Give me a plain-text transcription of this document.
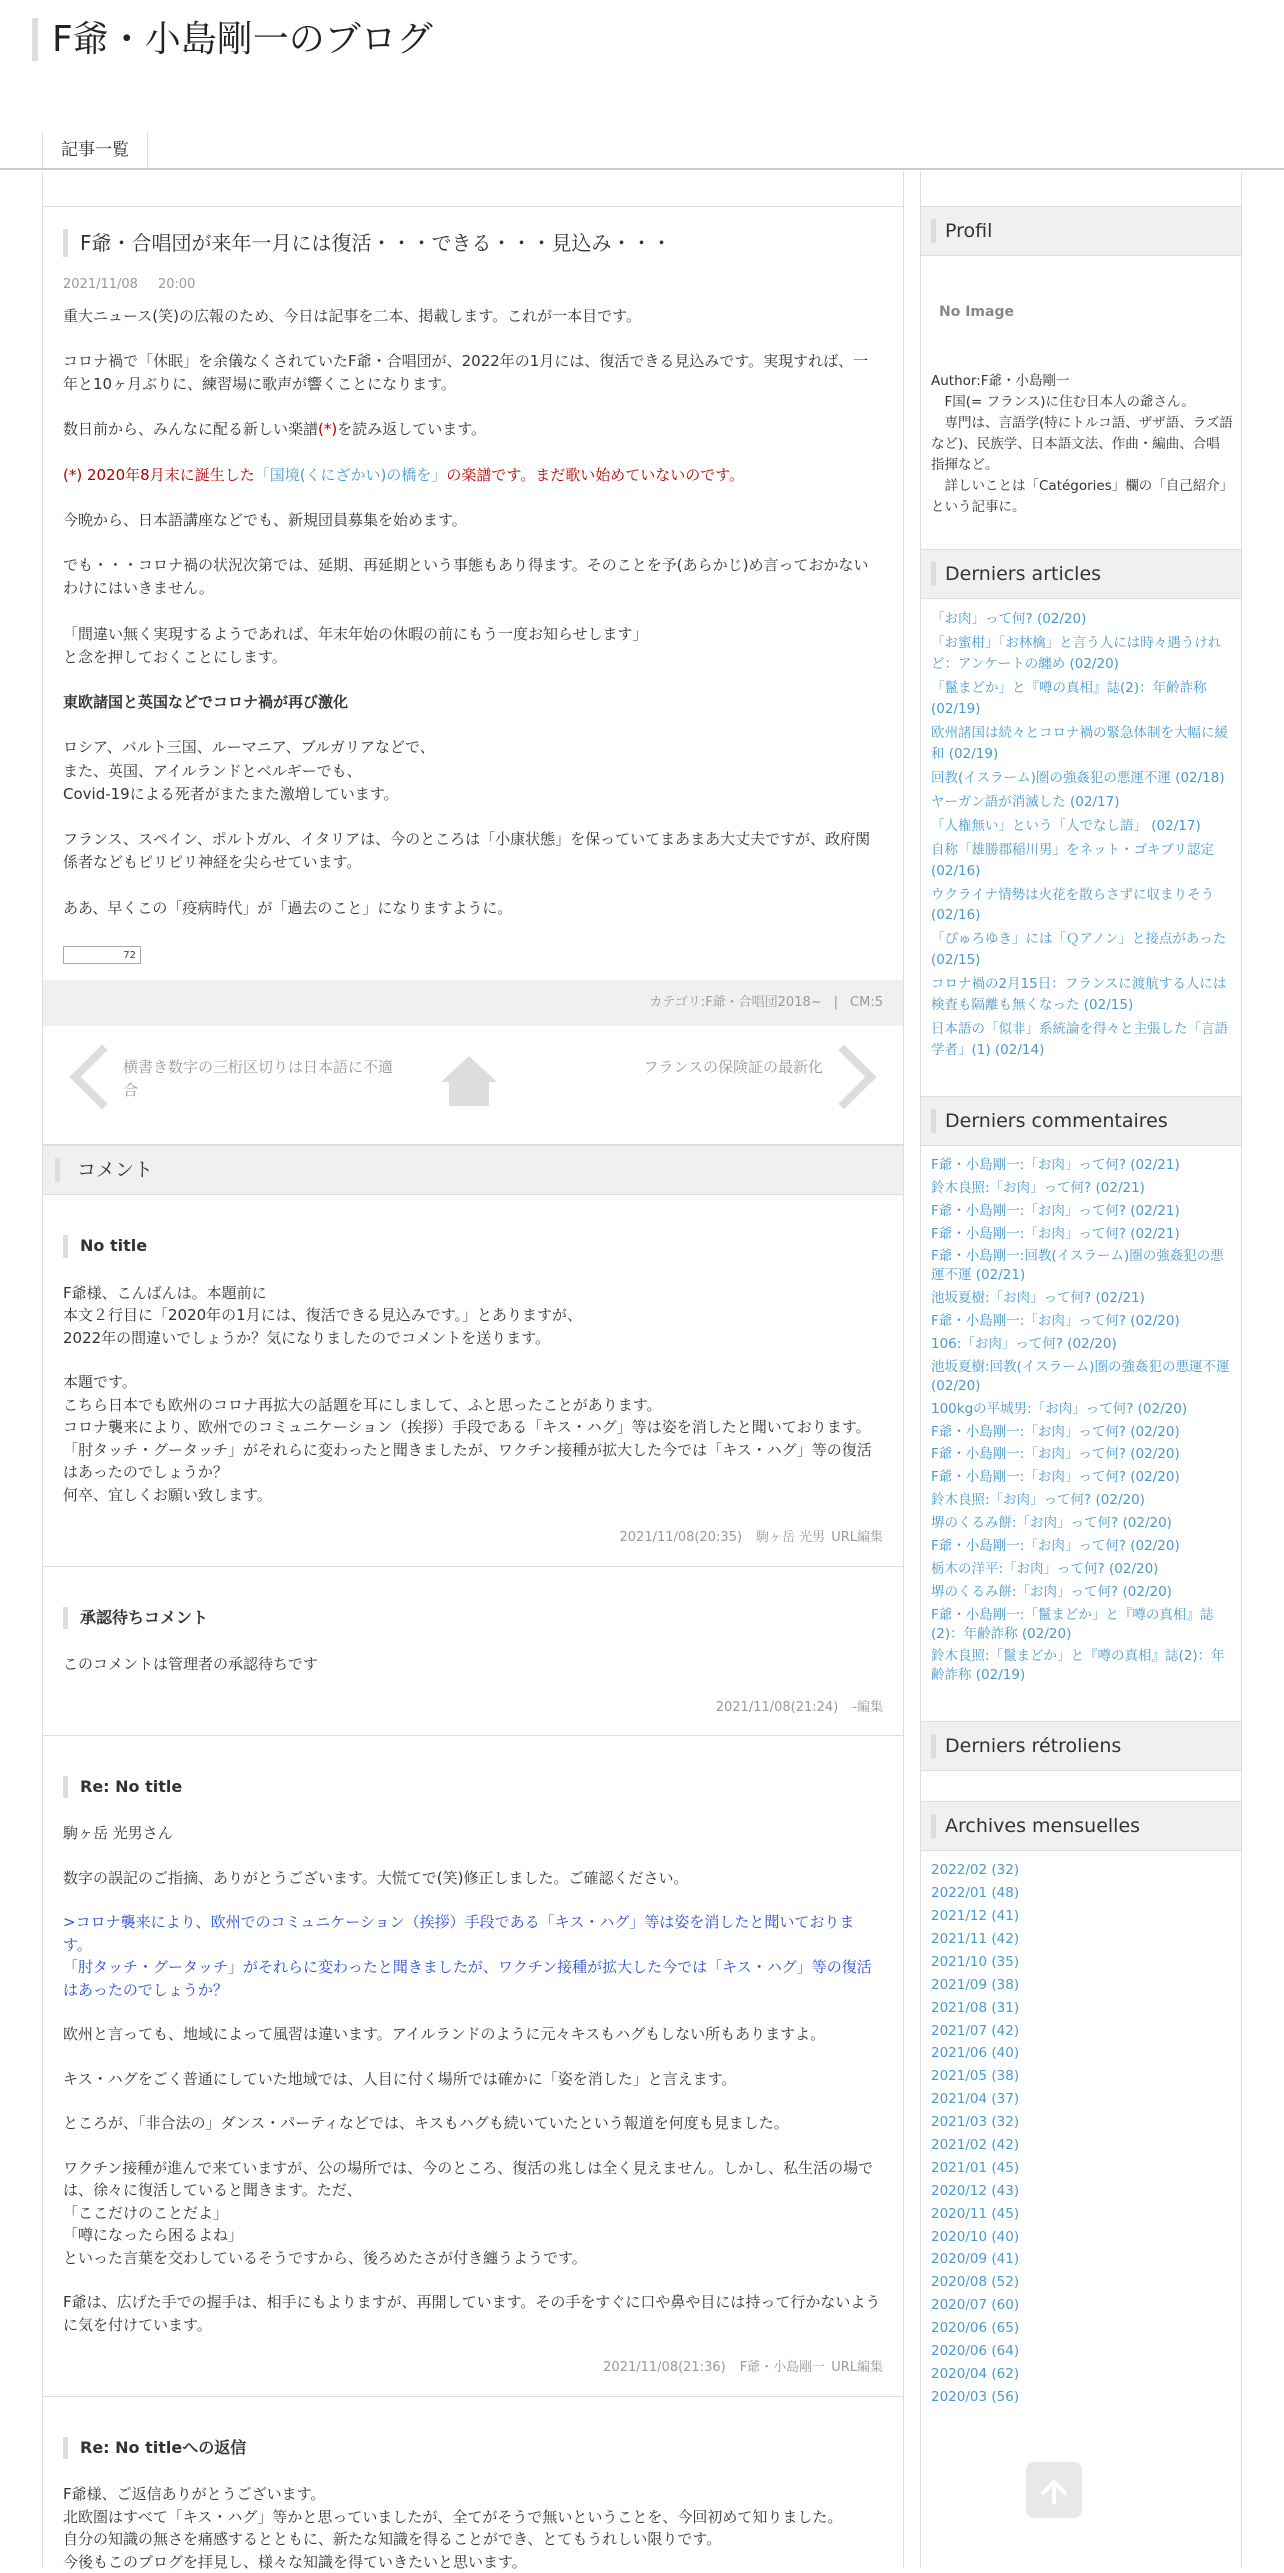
F爺・小島剛一のブログ
記事一覧
F爺・合唱団が来年一月には復活・・・できる・・・見込み・・・
2021/11/08 20:00

重大ニュース(笑)の広報のため、今日は記事を二本、掲載します。これが一本目です。

コロナ禍で「休眠」を余儀なくされていたF爺・合唱団が、2022年の1月には、復活できる見込みです。実現すれば、一年と10ヶ月ぶりに、練習場に歌声が響くことになります。

数日前から、みんなに配る新しい楽譜(*)を読み返しています。

(*) 2020年8月末に誕生した「国境(くにざかい)の橋を」の楽譜です。まだ歌い始めていないのです。

今晩から、日本語講座などでも、新規団員募集を始めます。

でも・・・コロナ禍の状況次第では、延期、再延期という事態もあり得ます。そのことを予(あらかじ)め言っておかないわけにはいきません。

「間違い無く実現するようであれば、年末年始の休暇の前にもう一度お知らせします」
と念を押しておくことにします。

東欧諸国と英国などでコロナ禍が再び激化

ロシア、バルト三国、ルーマニア、ブルガリアなどで、
また、英国、アイルランドとベルギーでも、
Covid-19による死者がまたまた激増しています。

フランス、スペイン、ポルトガル、イタリアは、今のところは「小康状態」を保っていてまあまあ大丈夫ですが、政府関係者などもピリピリ神経を尖らせています。

ああ、早くこの「疫病時代」が「過去のこと」になりますように。

72
カテゴリ:F爺・合唱団2018~ | CM:5
横書き数字の三桁区切りは日本語に不適合
フランスの保険証の最新化
コメント
No title

F爺様、こんばんは。本題前に
本文２行目に「2020年の1月には、復活できる見込みです。」とありますが、
2022年の間違いでしょうか？気になりましたのでコメントを送ります。

本題です。
こちら日本でも欧州のコロナ再拡大の話題を耳にしまして、ふと思ったことがあります。
コロナ襲来により、欧州でのコミュニケーション（挨拶）手段である「キス・ハグ」等は姿を消したと聞いております。
「肘タッチ・グータッチ」がそれらに変わったと聞きましたが、ワクチン接種が拡大した今では「キス・ハグ」等の復活はあったのでしょうか？
何卒、宜しくお願い致します。

2021/11/08(20:35) 駒ヶ岳 光男 URL編集
承認待ちコメント

このコメントは管理者の承認待ちです

2021/11/08(21:24) -編集
Re: No title

駒ヶ岳 光男さん

数字の誤記のご指摘、ありがとうございます。大慌てで(笑)修正しました。ご確認ください。

>コロナ襲来により、欧州でのコミュニケーション（挨拶）手段である「キス・ハグ」等は姿を消したと聞いております。
「肘タッチ・グータッチ」がそれらに変わったと聞きましたが、ワクチン接種が拡大した今では「キス・ハグ」等の復活はあったのでしょうか？

欧州と言っても、地域によって風習は違います。アイルランドのように元々キスもハグもしない所もありますよ。

キス・ハグをごく普通にしていた地域では、人目に付く場所では確かに「姿を消した」と言えます。

ところが、「非合法の」ダンス・パーティなどでは、キスもハグも続いていたという報道を何度も見ました。

ワクチン接種が進んで来ていますが、公の場所では、今のところ、復活の兆しは全く見えません。しかし、私生活の場では、徐々に復活していると聞きます。ただ、
「ここだけのことだよ」
「噂になったら困るよね」
といった言葉を交わしているそうですから、後ろめたさが付き纏うようです。

F爺は、広げた手での握手は、相手にもよりますが、再開しています。その手をすぐに口や鼻や目には持って行かないように気を付けています。

2021/11/08(21:36) F爺・小島剛一 URL編集
Re: No titleへの返信

F爺様、ご返信ありがとうございます。
北欧圏はすべて「キス・ハグ」等かと思っていましたが、全てがそうで無いということを、今回初めて知りました。
自分の知識の無さを痛感するとともに、新たな知識を得ることができ、とてもうれしい限りです。
今後もこのブログを拝見し、様々な知識を得ていきたいと思います。

Profil
No Image

Author:F爺・小島剛一

　F国(= フランス)に住む日本人の爺さん。

　専門は、言語学(特にトルコ語、ザザ語、ラズ語など)、民族学、日本語文法、作曲・編曲、合唱指揮など。

　詳しいことは「Catégories」欄の「自己紹介」という記事に。

Derniers articles
「お肉」って何? (02/20)
「お蜜柑」「お林檎」と言う人には時々遇うけれど：アンケートの纏め (02/20)
「鬣まどか」と『噂の真相』誌(2)：年齢詐称 (02/19)
欧州諸国は続々とコロナ禍の緊急体制を大幅に緩和 (02/19)
回教(イスラーム)圏の強姦犯の悪運不運 (02/18)
ヤーガン語が消滅した (02/17)
「人権無い」という「人でなし語」 (02/17)
自称「雄勝郡稲川男」をネット・ゴキブリ認定 (02/16)
ウクライナ情勢は火花を散らさずに収まりそう (02/16)
「ぴゅろゆき」には「Ｑアノン」と接点があった (02/15)
コロナ禍の2月15日：フランスに渡航する人には検査も隔離も無くなった (02/15)
日本語の「似非」系統論を得々と主張した「言語学者」(1) (02/14)
Derniers commentaires
F爺・小島剛一:「お肉」って何? (02/21)
鈴木良照:「お肉」って何? (02/21)
F爺・小島剛一:「お肉」って何? (02/21)
F爺・小島剛一:「お肉」って何? (02/21)
F爺・小島剛一:回教(イスラーム)圏の強姦犯の悪運不運 (02/21)
池坂夏樹:「お肉」って何? (02/21)
F爺・小島剛一:「お肉」って何? (02/20)
106:「お肉」って何? (02/20)
池坂夏樹:回教(イスラーム)圏の強姦犯の悪運不運 (02/20)
100kgの平城男:「お肉」って何? (02/20)
F爺・小島剛一:「お肉」って何? (02/20)
F爺・小島剛一:「お肉」って何? (02/20)
F爺・小島剛一:「お肉」って何? (02/20)
鈴木良照:「お肉」って何? (02/20)
堺のくるみ餅:「お肉」って何? (02/20)
F爺・小島剛一:「お肉」って何? (02/20)
栃木の洋平:「お肉」って何? (02/20)
堺のくるみ餅:「お肉」って何? (02/20)
F爺・小島剛一:「鬣まどか」と『噂の真相』誌(2)：年齢詐称 (02/20)
鈴木良照:「鬣まどか」と『噂の真相』誌(2)：年齢詐称 (02/19)
Derniers rétroliens
Archives mensuelles
2022/02 (32)
2022/01 (48)
2021/12 (41)
2021/11 (42)
2021/10 (35)
2021/09 (38)
2021/08 (31)
2021/07 (42)
2021/06 (40)
2021/05 (38)
2021/04 (37)
2021/03 (32)
2021/02 (42)
2021/01 (45)
2020/12 (43)
2020/11 (45)
2020/10 (40)
2020/09 (41)
2020/08 (52)
2020/07 (60)
2020/06 (65)
2020/06 (64)
2020/04 (62)
2020/03 (56)
